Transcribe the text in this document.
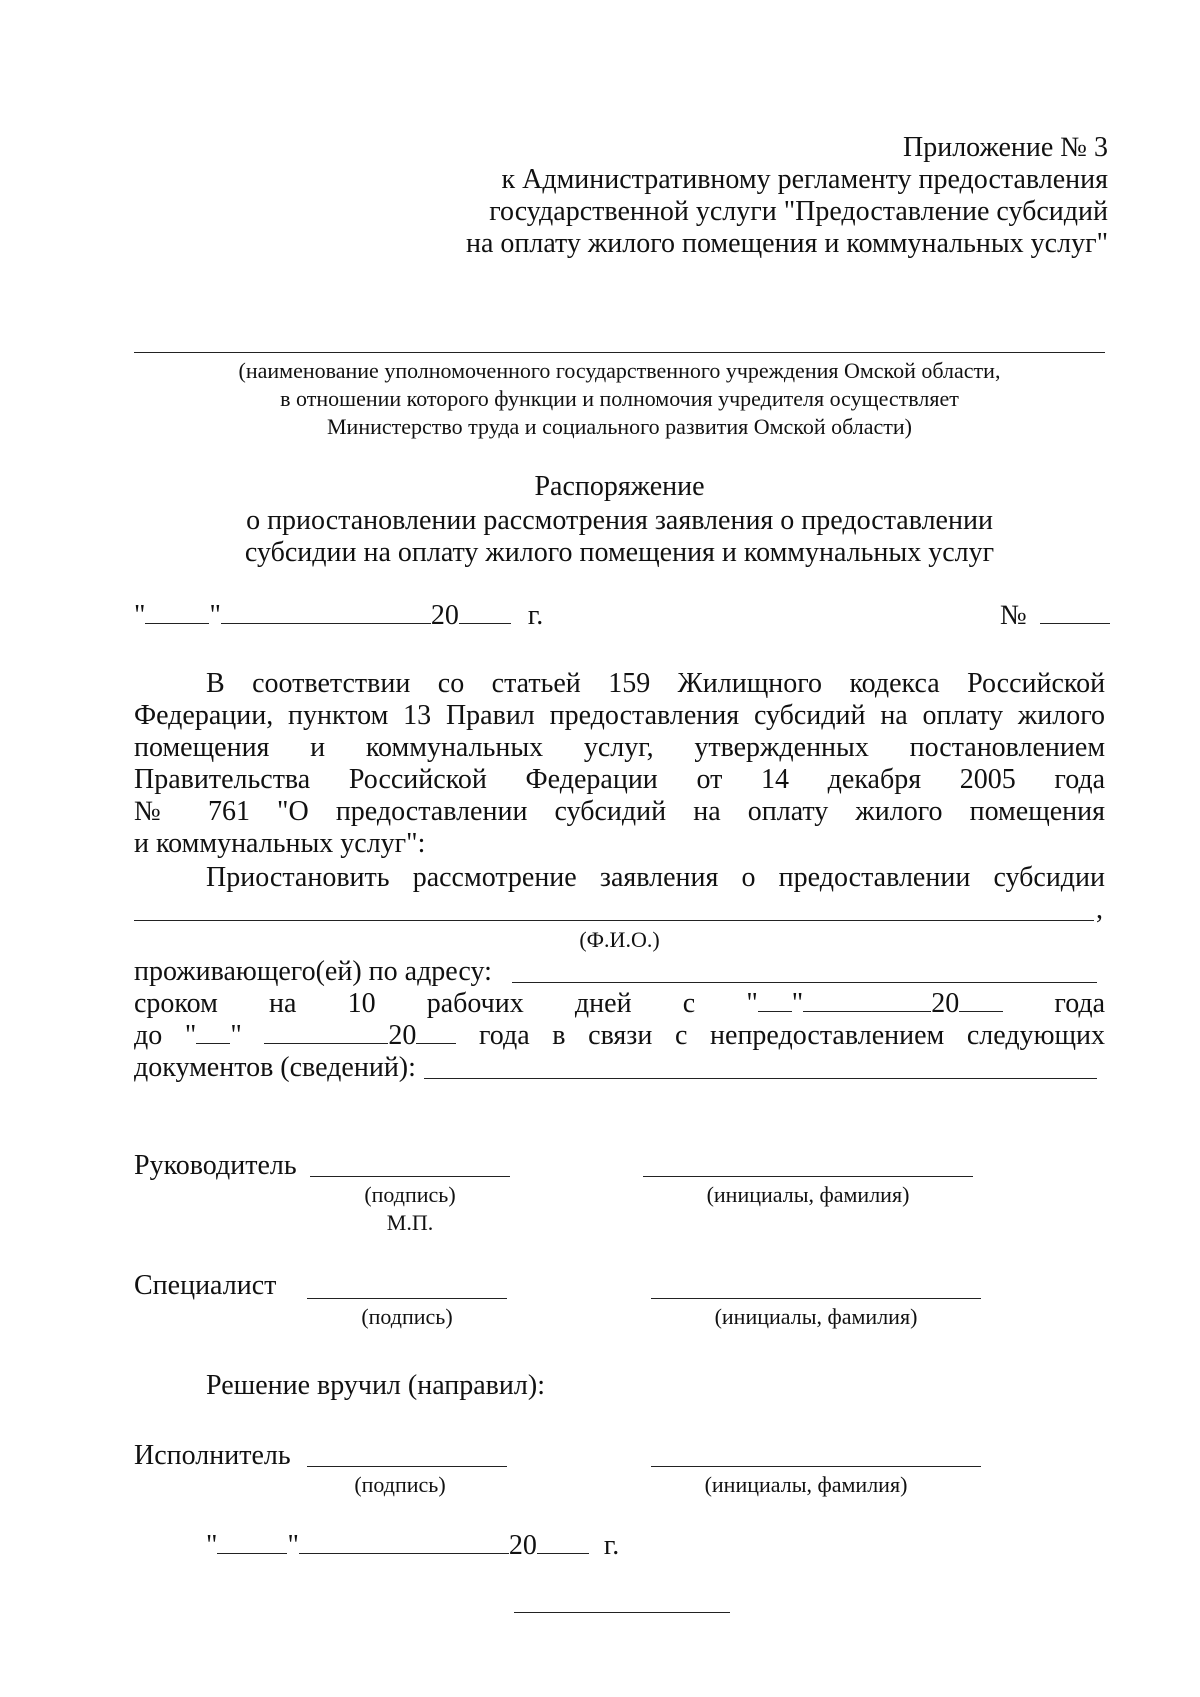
Приложение № 3
к Административному регламенту предоставления
государственной услуги "Предоставление субсидий
на оплату жилого помещения и коммунальных услуг"
(наименование уполномоченного государственного учреждения Омской области,
в отношении которого функции и полномочия учредителя осуществляет
Министерство труда и социального развития Омской области)
Распоряжение
о приостановлении рассмотрения заявления о предоставлении
субсидии на оплату жилого помещения и коммунальных услуг
" "	20 г.	№
В соответствии со статьей 159 Жилищного кодекса Российской
Федерации, пунктом 13 Правил предоставления субсидий на оплату жилого
помещения и коммунальных услуг, утвержденных постановлением
Правительства Российской Федерации от 14 декабря 2005 года
№ 761 "О предоставлении субсидий на оплату жилого помещения
и коммунальных услуг":
Приостановить рассмотрение заявления о предоставлении субсидии
,
(Ф.И.О.)
проживающего(ей) по адресу:
сроком на 10 рабочих дней с " "	20	года
до " "	20 года в связи с непредоставлением следующих
документов (сведений):
Руководитель
(подпись)	(инициалы, фамилия)
М.П.
Специалист
(подпись)	(инициалы, фамилия)
Решение вручил (направил):
Исполнитель
(подпись)	(инициалы, фамилия)
"	"	20 г.
